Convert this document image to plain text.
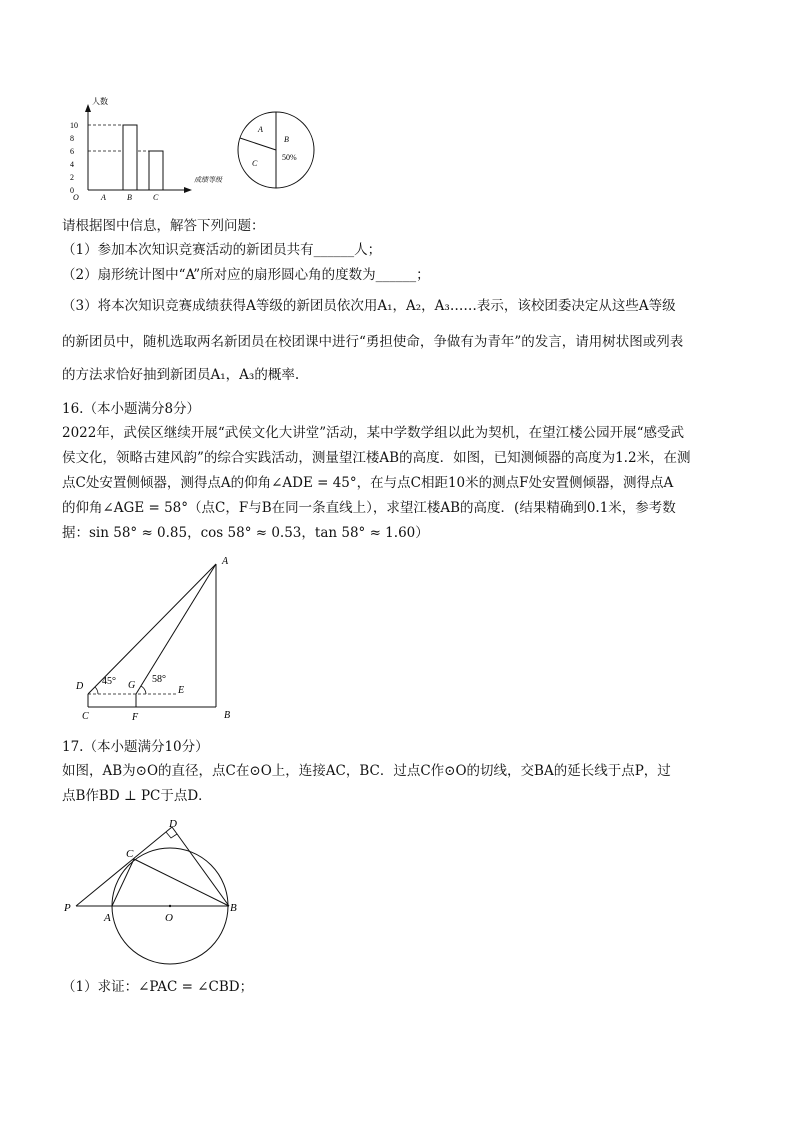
人数
成绩等级
O
10
8
6
4
2
0
A	B	C
A
B
C
50%
请根据图中信息，解答下列问题：
（1）参加本次知识竞赛活动的新团员共有______人；
（2）扇形统计图中“A”所对应的扇形圆心角的度数为______；
（3）将本次知识竞赛成绩获得A等级的新团员依次用A₁，A₂，A₃……表示，该校团委决定从这些A等级
的新团员中，随机选取两名新团员在校团课中进行“勇担使命，争做有为青年”的发言，请用树状图或列表
的方法求恰好抽到新团员A₁，A₃的概率.
16.（本小题满分8分）
2022年，武侯区继续开展“武侯文化大讲堂”活动，某中学数学组以此为契机，在望江楼公园开展“感受武
侯文化，领略古建风韵”的综合实践活动，测量望江楼AB的高度．如图，已知测倾器的高度为1.2米，在测
点C处安置侧倾器，测得点A的仰角∠ADE = 45°，在与点C相距10米的测点F处安置侧倾器，测得点A
的仰角∠AGE = 58°（点C，F与B在同一条直线上），求望江楼AB的高度．(结果精确到0.1米，参考数
据：sin 58° ≈ 0.85，cos 58° ≈ 0.53，tan 58° ≈ 1.60）
A
B
C
D	E
F
G
45°	58°
17.（本小题满分10分）
如图，AB为⊙O的直径，点C在⊙O上，连接AC，BC．过点C作⊙O的切线，交BA的延长线于点P，过
点B作BD ⊥ PC于点D．
P
A	O
B
C
D
（1）求证：∠PAC = ∠CBD；
